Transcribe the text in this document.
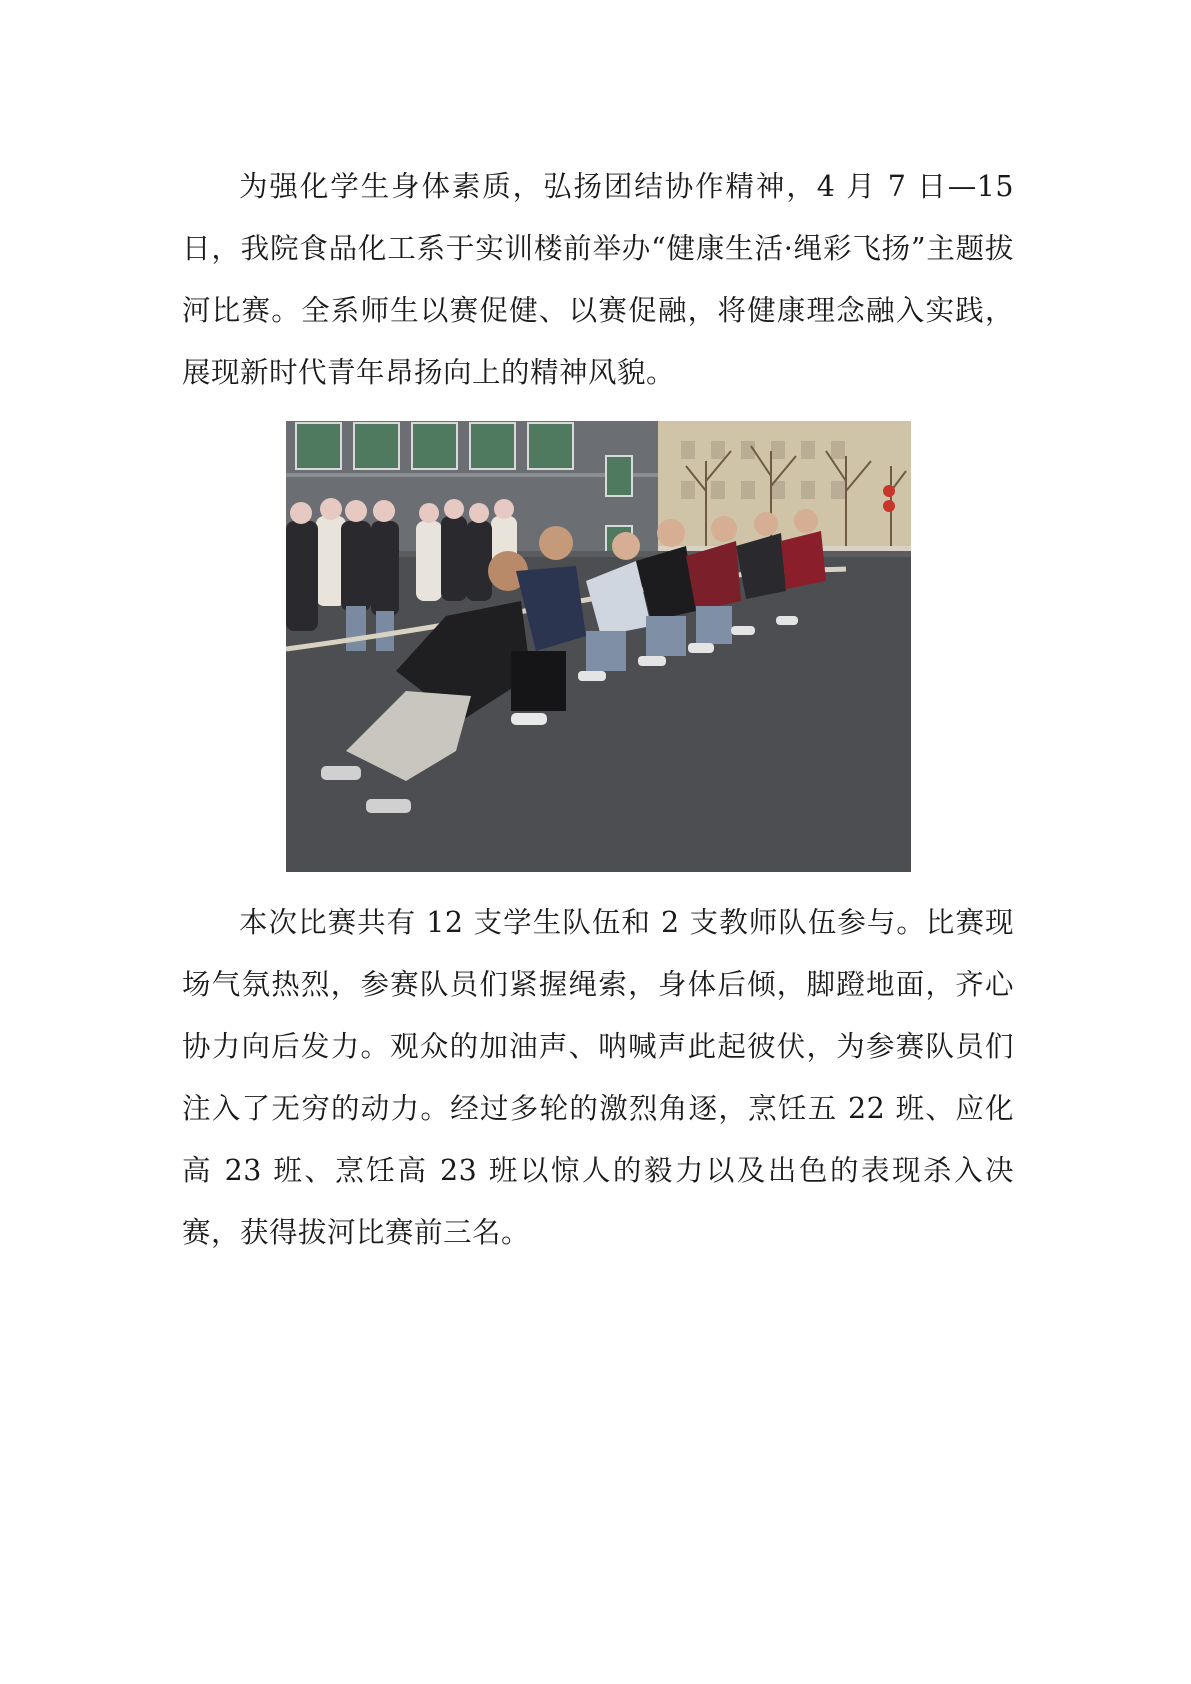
为强化学生身体素质，弘扬团结协作精神，4 月 7 日—15 日，我院食品化工系于实训楼前举办“健康生活·绳彩飞扬”主题拔河比赛。全系师生以赛促健、以赛促融，将健康理念融入实践，展现新时代青年昂扬向上的精神风貌。

本次比赛共有 12 支学生队伍和 2 支教师队伍参与。比赛现场气氛热烈，参赛队员们紧握绳索，身体后倾，脚蹬地面，齐心协力向后发力。观众的加油声、呐喊声此起彼伏，为参赛队员们注入了无穷的动力。经过多轮的激烈角逐，烹饪五 22 班、应化高 23 班、烹饪高 23 班以惊人的毅力以及出色的表现杀入决赛，获得拔河比赛前三名。
